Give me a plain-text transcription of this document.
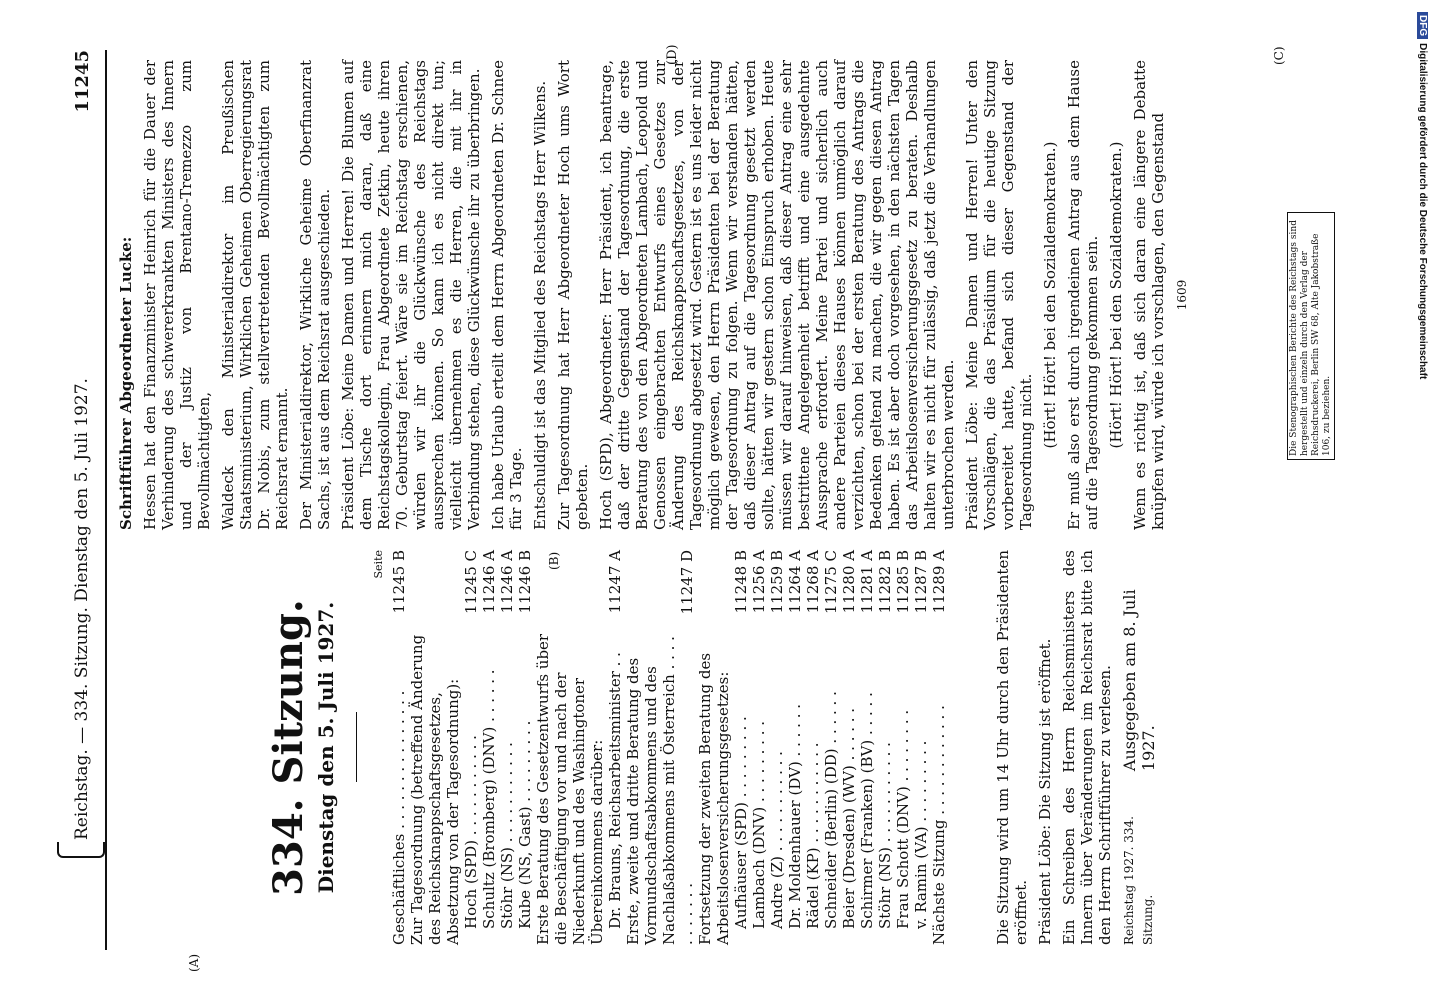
Reichstag. — 334. Sitzung. Dienstag den 5. Juli 1927.
11245
(A)
(B)
(C)
(D)
334. Sitzung. Dienstag den 5. Juli 1927.
Seite
Geschäftliches . . . . . . . . . . . . . . .
11245 B
Zur Tagesordnung (betreffend Änderung des Reichsknappschaftsgesetzes, Absetzung von der Tagesordnung): Hoch (SPD) . . . . . . . . . . .
11245 C
Schultz (Bromberg) (DNV) . . . . . .
11246 A
Stöhr (NS) . . . . . . . . . . .
11246 A
Kube (NS, Gast) . . . . . . . . .
11246 B
Erste Beratung des Gesetzentwurfs über die Beschäftigung vor und nach der Niederkunft und des Washingtoner Übereinkommens darüber: Dr. Brauns, Reichsarbeitsminister . .
11247 A
Erste, zweite und dritte Beratung des Vormundschaftsabkommens und des Nachlaßabkommens mit Österreich . . . . . . . . . . .
11247 D
Fortsetzung der zweiten Beratung des Arbeitslosenversicherungsgesetzes: Aufhäuser (SPD) . . . . . . . . .
11248 B
Lambach (DNV) . . . . . . . . .
11256 A
Andre (Z) . . . . . . . . . . .
11259 B
Dr. Moldenhauer (DV) . . . . . .
11264 A
Rädel (KP) . . . . . . . . . . .
11268 A
Schneider (Berlin) (DD) . . . . . .
11275 C
Beier (Dresden) (WV) . . . . . .
11280 A
Schirmer (Franken) (BV) . . . . .
11281 A
Stöhr (NS) . . . . . . . . . . .
11282 B
Frau Schott (DNV) . . . . . . . .
11285 B
v. Ramin (VA) . . . . . . . . .
11287 B
Nächste Sitzung . . . . . . . . . . . .
11289 A	Die Sitzung wird um 14 Uhr durch den Präsidenten eröffnet. Präsident Löbe: Die Sitzung ist eröffnet. Ein Schreiben des Herrn Reichsministers des Innern über Veränderungen im Reichsrat bitte ich den Herrn Schriftführer zu verlesen. Reichstag 1927. 334. Sitzung.
Ausgegeben am 8. Juli 1927.

Schriftführer Abgeordneter Lucke: Hessen hat den Finanzminister Heinrich für die Dauer der Verhinderung des schwererkrankten Ministers des Innern und der Justiz von Brentano-Tremezzo zum Bevollmächtigten, Waldeck den Ministerialdirektor im Preußischen Staatsministerium, Wirklichen Geheimen Oberregierungsrat Dr. Nobis, zum stellvertretenden Bevollmächtigten zum Reichsrat ernannt. Der Ministerialdirektor, Wirkliche Geheime Oberfinanzrat Sachs, ist aus dem Reichsrat ausgeschieden. Präsident Löbe: Meine Damen und Herren! Die Blumen auf dem Tische dort erinnern mich daran, daß eine Reichstagskollegin, Frau Abgeordnete Zetkin, heute ihren 70. Geburtstag feiert. Wäre sie im Reichstag erschienen, würden wir ihr die Glückwünsche des Reichstags aussprechen können. So kann ich es nicht direkt tun; vielleicht übernehmen es die Herren, die mit ihr in Verbindung stehen, diese Glückwünsche ihr zu überbringen. Ich habe Urlaub erteilt dem Herrn Abgeordneten Dr. Schnee für 3 Tage. Entschuldigt ist das Mitglied des Reichstags Herr Wilkens. Zur Tagesordnung hat Herr Abgeordneter Hoch ums Wort gebeten. Hoch (SPD), Abgeordneter: Herr Präsident, ich beantrage, daß der dritte Gegenstand der Tagesordnung, die erste Beratung des von den Abgeordneten Lambach, Leopold und Genossen eingebrachten Entwurfs eines Gesetzes zur Änderung des Reichsknappschaftsgesetzes, von der Tagesordnung abgesetzt wird. Gestern ist es uns leider nicht möglich gewesen, den Herrn Präsidenten bei der Beratung der Tagesordnung zu folgen. Wenn wir verstanden hätten, daß dieser Antrag auf die Tagesordnung gesetzt werden sollte, hätten wir gestern schon Einspruch erhoben. Heute müssen wir darauf hinweisen, daß dieser Antrag eine sehr bestrittene Angelegenheit betrifft und eine ausgedehnte Aussprache erfordert. Meine Partei und sicherlich auch andere Parteien dieses Hauses können unmöglich darauf verzichten, schon bei der ersten Beratung des Antrags die Bedenken geltend zu machen, die wir gegen diesen Antrag haben. Es ist aber doch vorgesehen, in den nächsten Tagen das Arbeitslosenversicherungsgesetz zu beraten. Deshalb halten wir es nicht für zulässig, daß jetzt die Verhandlungen unterbrochen werden. Präsident Löbe: Meine Damen und Herren! Unter den Vorschlägen, die das Präsidium für die heutige Sitzung vorbereitet hatte, befand sich dieser Gegenstand der Tagesordnung nicht.

(Hört! Hört! bei den Sozialdemokraten.) Er muß also erst durch irgendeinen Antrag aus dem Hause auf die Tagesordnung gekommen sein. (Hört! Hört! bei den Sozialdemokraten.) Wenn es richtig ist, daß sich daran eine längere Debatte knüpfen wird, würde ich vorschlagen, den Gegenstand 1609	Die Stenographischen Berichte des Reichstags sind hergestellt und einzeln durch den Verlag der Reichsdruckerei, Berlin SW 68, Alte Jakobstraße 106, zu beziehen.
DFGDigitalisierung gefördert durch die Deutsche Forschungsgemeinschaft
